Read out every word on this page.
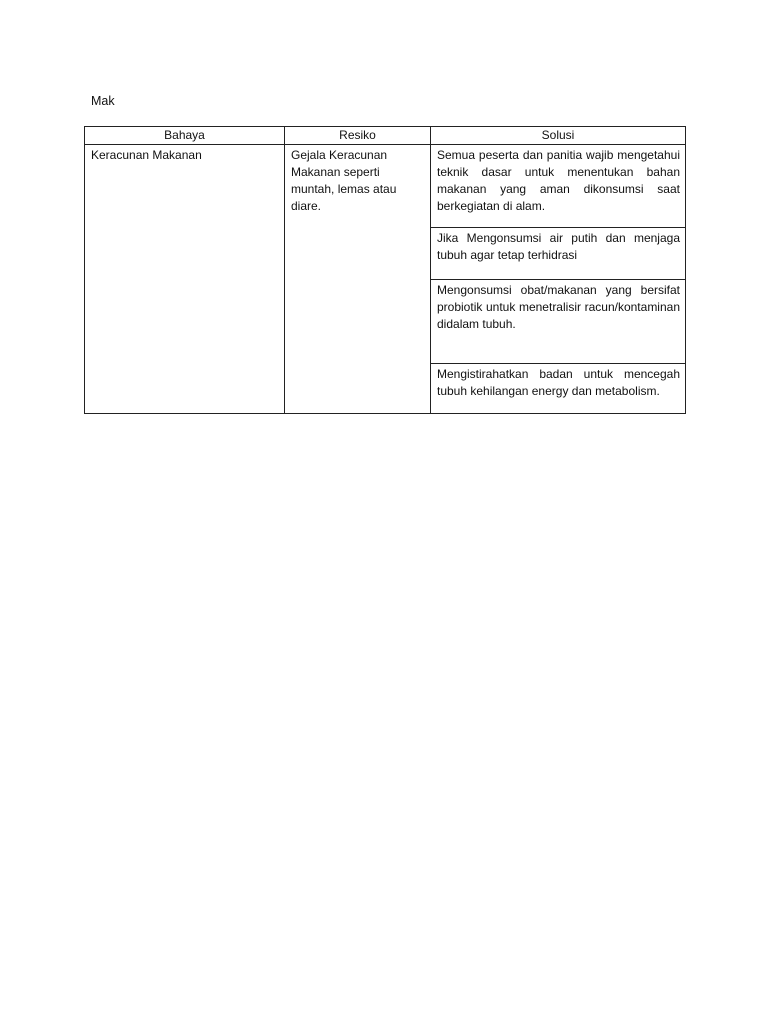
Mak
Bahaya	Resiko	Solusi

Keracunan Makanan	Gejala Keracunan Makanan seperti muntah, lemas atau diare.	Semua peserta dan panitia wajib mengetahui teknik dasar untuk menentukan bahan makanan yang aman dikonsumsi saat berkegiatan di alam.

		Jika Mengonsumsi air putih dan menjaga tubuh agar tetap terhidrasi

		Mengonsumsi obat/makanan yang bersifat probiotik untuk menetralisir racun/kontaminan didalam tubuh.

		Mengistirahatkan badan untuk mencegah tubuh kehilangan energy dan metabolism.
